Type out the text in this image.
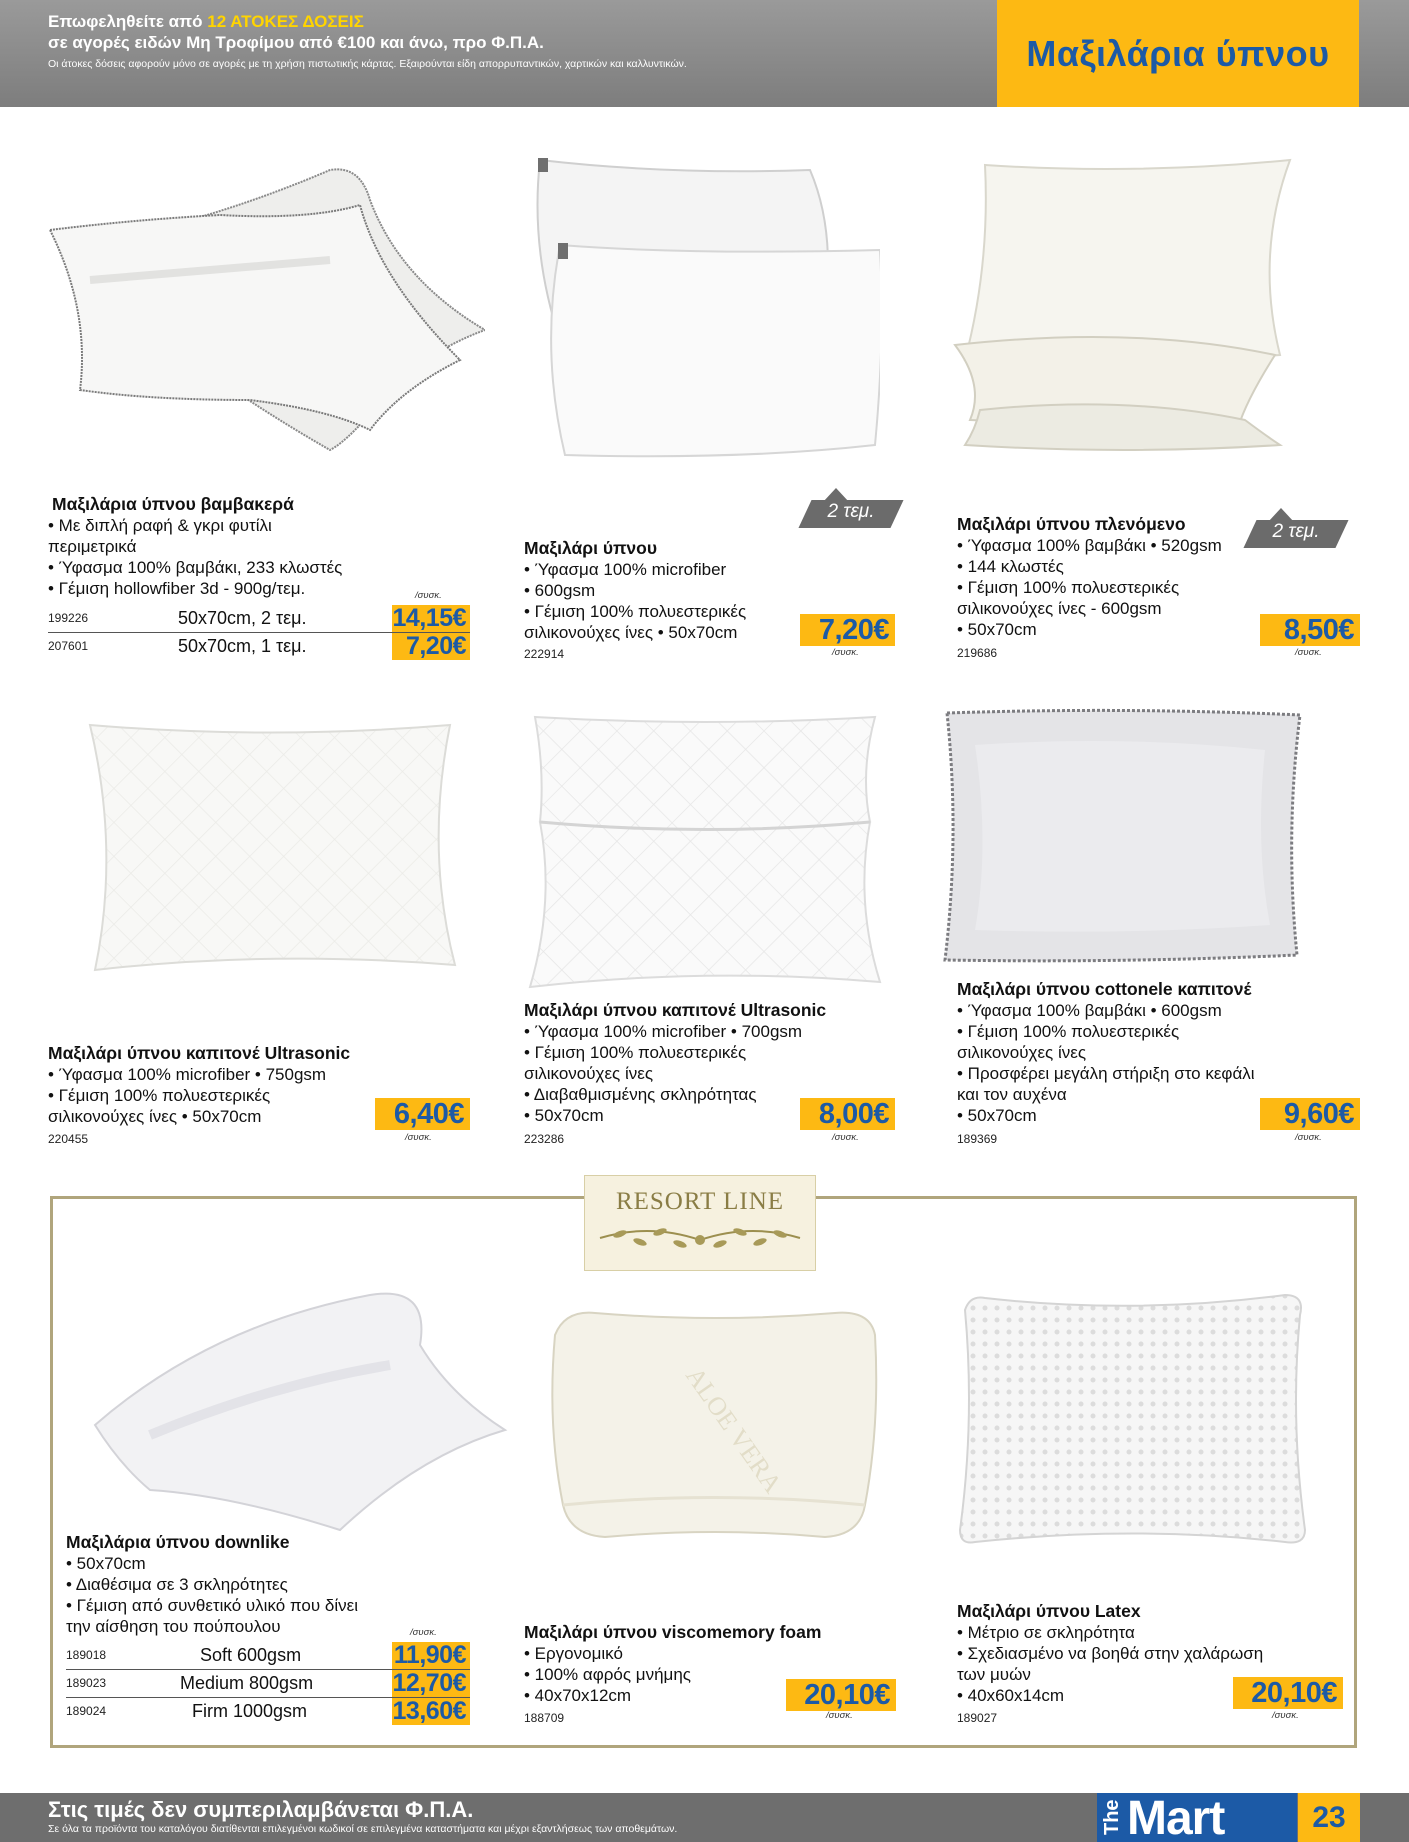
Επωφεληθείτε από 12 ΑΤΟΚΕΣ ΔΟΣΕΙΣ
σε αγορές ειδών Μη Τροφίμου από €100 και άνω, προ Φ.Π.Α.
Οι άτοκες δόσεις αφορούν μόνο σε αγορές με τη χρήση πιστωτικής κάρτας. Εξαιρούνται είδη απορρυπαντικών, χαρτικών και καλλυντικών.	Μαξιλάρια ύπνου
Μαξιλάρια ύπνου βαμβακερά
• Με διπλή ραφή & γκρι φυτίλι
περιμετρικά
• Ύφασμα 100% βαμβάκι, 233 κλωστές
• Γέμιση hollowfiber 3d - 900g/τεμ.	/συσκ.
199226	50x70cm, 2 τεμ.	14,15€
207601	50x70cm, 1 τεμ.	7,20€
2 τεμ.
Μαξιλάρι ύπνου
• Ύφασμα 100% microfiber
• 600gsm
• Γέμιση 100% πολυεστερικές
σιλικονούχες ίνες • 50x70cm
222914
7,20€
/συσκ.
2 τεμ.
Μαξιλάρι ύπνου πλενόμενο
• Ύφασμα 100% βαμβάκι • 520gsm
• 144 κλωστές
• Γέμιση 100% πολυεστερικές
σιλικονούχες ίνες - 600gsm
• 50x70cm
219686
8,50€
/συσκ.
Μαξιλάρι ύπνου καπιτονέ Ultrasonic
• Ύφασμα 100% microfiber • 750gsm
• Γέμιση 100% πολυεστερικές
σιλικονούχες ίνες • 50x70cm
220455
6,40€
/συσκ.
Μαξιλάρι ύπνου καπιτονέ Ultrasonic
• Ύφασμα 100% microfiber • 700gsm
• Γέμιση 100% πολυεστερικές
σιλικονούχες ίνες
• Διαβαθμισμένης σκληρότητας
• 50x70cm
223286
8,00€
/συσκ.
Μαξιλάρι ύπνου cottonele καπιτονέ
• Ύφασμα 100% βαμβάκι • 600gsm
• Γέμιση 100% πολυεστερικές
σιλικονούχες ίνες
• Προσφέρει μεγάλη στήριξη στο κεφάλι
και τον αυχένα
• 50x70cm
189369
9,60€
/συσκ.
RESORT LINE
Μαξιλάρια ύπνου downlike
• 50x70cm
• Διαθέσιμα σε 3 σκληρότητες
• Γέμιση από συνθετικό υλικό που δίνει
την αίσθηση του πούπουλου	/συσκ.
189018	Soft 600gsm	11,90€
189023	Medium 800gsm	12,70€
189024	Firm 1000gsm	13,60€
ALOE VERA
Μαξιλάρι ύπνου viscomemory foam
• Εργονομικό
• 100% αφρός μνήμης
• 40x70x12cm
188709
20,10€
/συσκ.
Μαξιλάρι ύπνου Latex
• Μέτριο σε σκληρότητα
• Σχεδιασμένο να βοηθά στην χαλάρωση
των μυών
• 40x60x14cm
189027
20,10€
/συσκ.
Στις τιμές δεν συμπεριλαμβάνεται Φ.Π.Α.
Σε όλα τα προϊόντα του καταλόγου διατίθενται επιλεγμένοι κωδικοί σε επιλεγμένα καταστήματα και μέχρι εξαντλήσεως των αποθεμάτων.	The Mart	23
